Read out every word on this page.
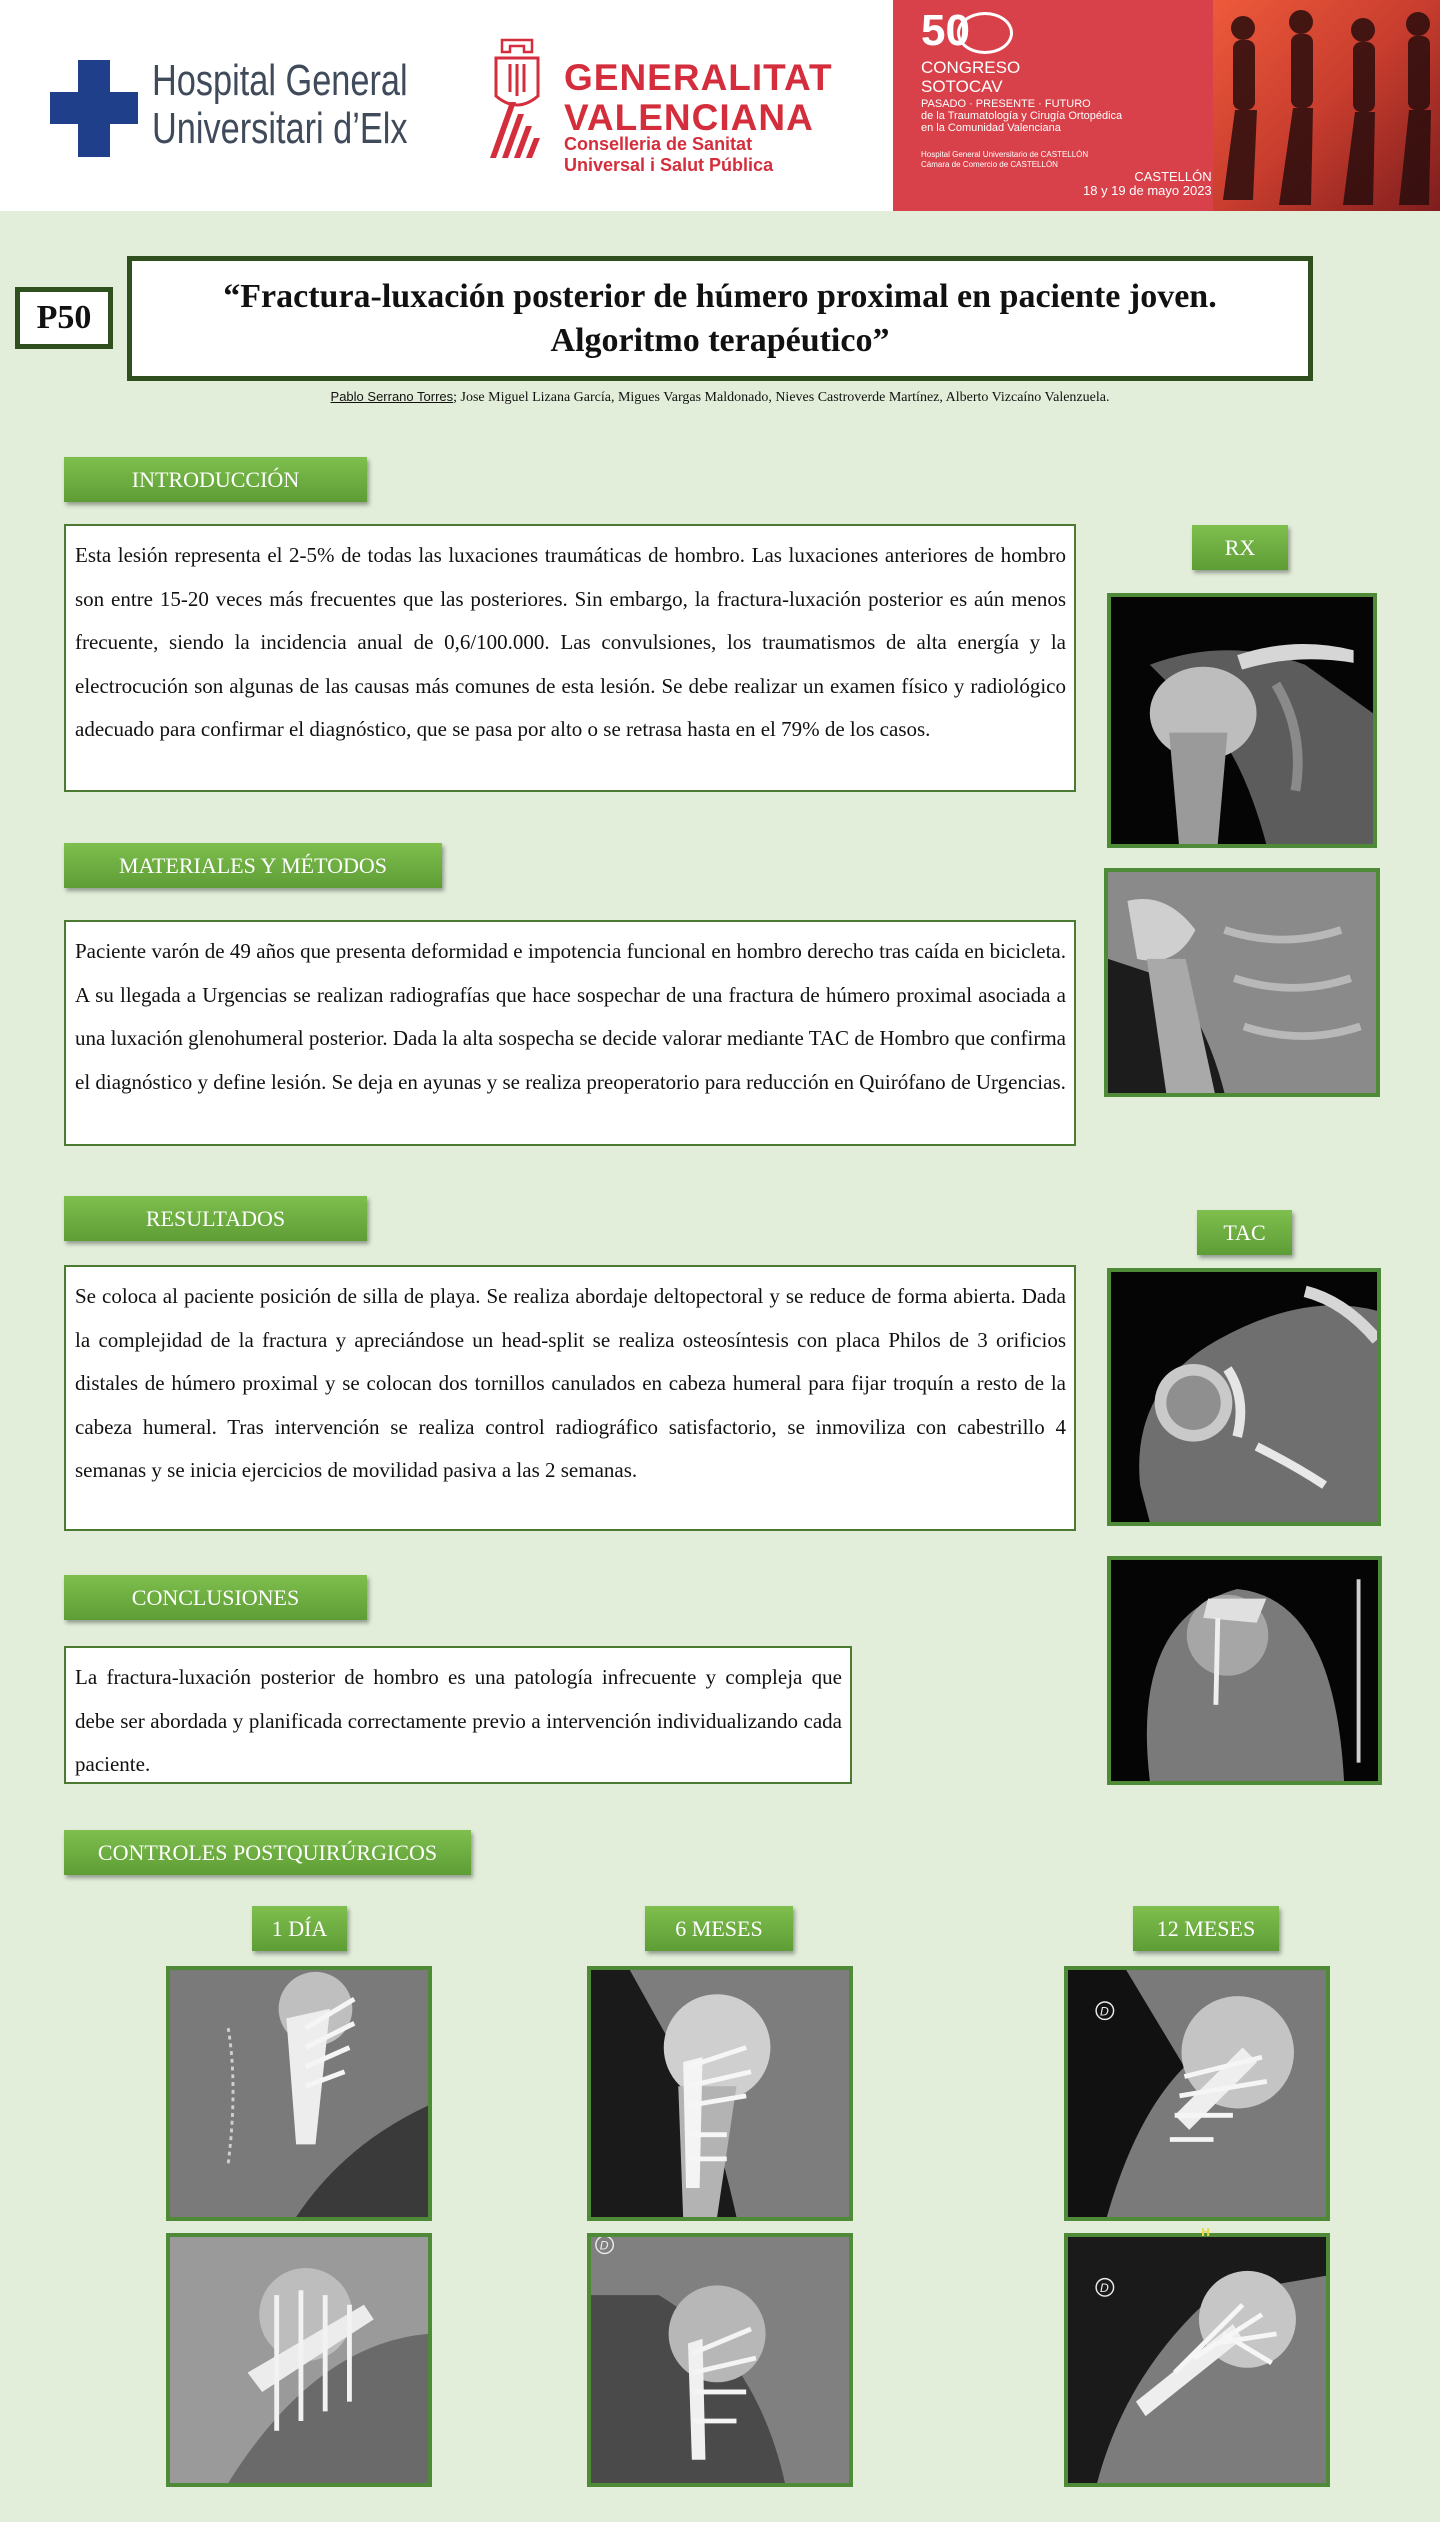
Hospital General
Universitari d’Elx
GENERALITAT
VALENCIANA
Conselleria de Sanitat
Universal i Salut Pública
50
CONGRESO
SOTOCAV
PASADO · PRESENTE · FUTURO
de la Traumatología y Cirugía Ortopédica
en la Comunidad Valenciana
Hospital General Universitario de CASTELLÓN
Cámara de Comercio de CASTELLÓN
CASTELLÓN
18 y 19 de mayo 2023
P50
“Fractura-luxación posterior de húmero proximal en paciente joven.
Algoritmo terapéutico”
Pablo Serrano Torres; Jose Miguel Lizana García, Migues Vargas Maldonado, Nieves Castroverde Martínez, Alberto Vizcaíno Valenzuela.
INTRODUCCIÓN
Esta lesión representa el 2-5% de todas las luxaciones traumáticas de hombro. Las luxaciones anteriores de hombro son entre 15-20 veces más frecuentes que las posteriores. Sin embargo, la fractura-luxación posterior es aún menos frecuente, siendo la incidencia anual de 0,6/100.000. Las convulsiones, los traumatismos de alta energía y la electrocución son algunas de las causas más comunes de esta lesión. Se debe realizar un examen físico y radiológico adecuado para confirmar el diagnóstico, que se pasa por alto o se retrasa hasta en el 79% de los casos.
MATERIALES Y MÉTODOS
Paciente varón de 49 años que presenta deformidad e impotencia funcional en hombro derecho tras caída en bicicleta. A su llegada a Urgencias se realizan radiografías que hace sospechar de una fractura de húmero proximal asociada a una luxación glenohumeral posterior. Dada la alta sospecha se decide valorar mediante TAC de Hombro que confirma el diagnóstico y define lesión. Se deja en ayunas y se realiza preoperatorio para reducción en Quirófano de Urgencias.
RESULTADOS
Se coloca al paciente posición de silla de playa. Se realiza abordaje deltopectoral y se reduce de forma abierta. Dada la complejidad de la fractura y apreciándose un head-split se realiza osteosíntesis con placa Philos de 3 orificios distales de húmero proximal y se colocan dos tornillos canulados en cabeza humeral para fijar troquín a resto de la cabeza humeral. Tras intervención se realiza control radiográfico satisfactorio, se inmoviliza con cabestrillo 4 semanas y se inicia ejercicios de movilidad pasiva a las 2 semanas.
CONCLUSIONES
La fractura-luxación posterior de hombro es una patología infrecuente y compleja que debe ser abordada y planificada correctamente previo a intervención individualizando cada paciente.
RX
TAC
CONTROLES POSTQUIRÚRGICOS
1 DÍA	6 MESES	12 MESES
D
D
D
H
